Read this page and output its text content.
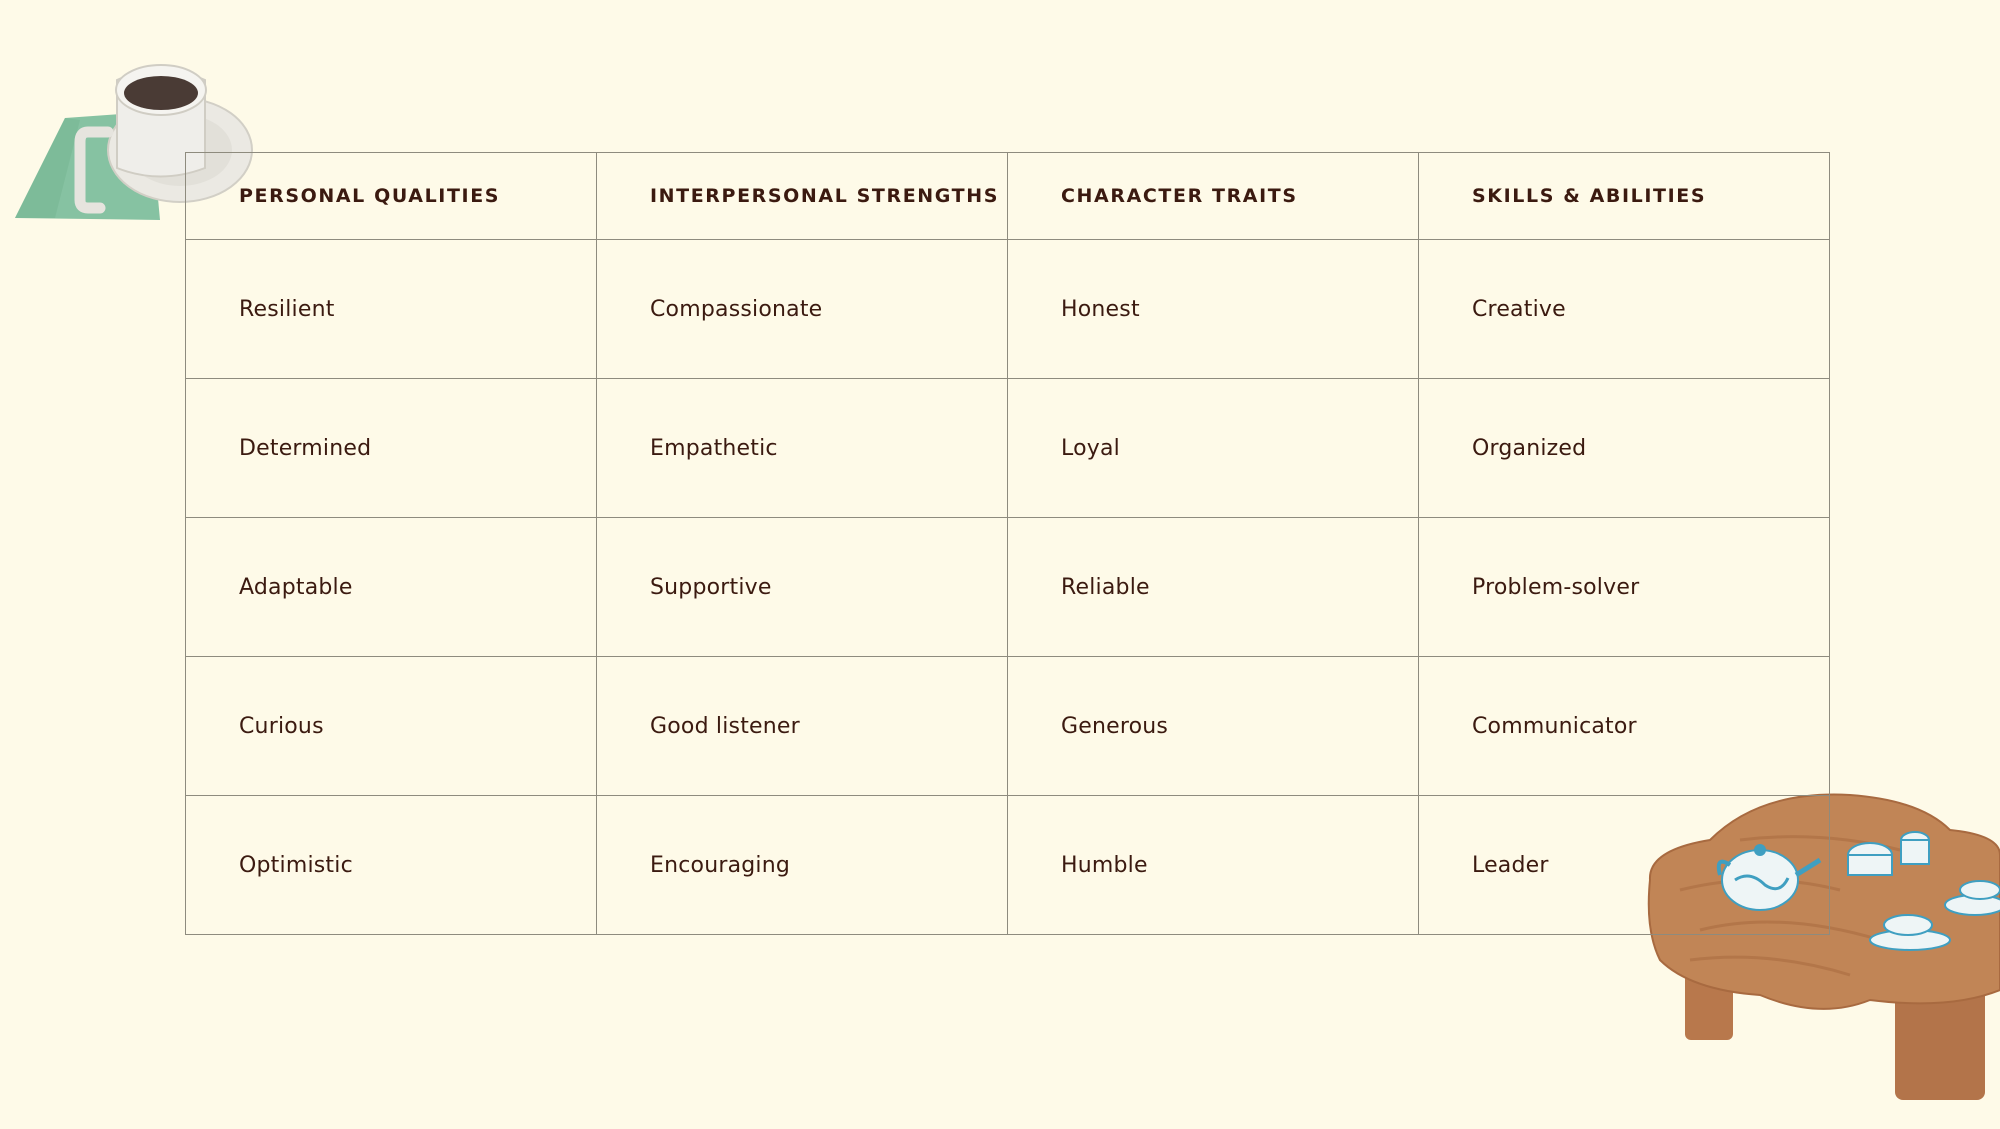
PERSONAL QUALITIES	INTERPERSONAL STRENGTHS	CHARACTER TRAITS	SKILLS & ABILITIES
Resilient	Compassionate	Honest	Creative
Determined	Empathetic	Loyal	Organized
Adaptable	Supportive	Reliable	Problem-solver
Curious	Good listener	Generous	Communicator
Optimistic	Encouraging	Humble	Leader
